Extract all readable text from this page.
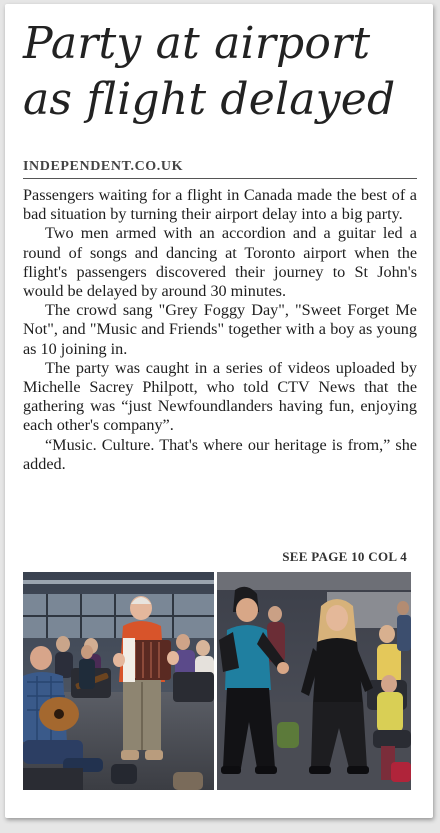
Party at airport
as flight delayed
INDEPENDENT.CO.UK

Passengers waiting for a flight in Canada made the best of a bad situation by turning their airport delay into a big party.

Two men armed with an accordion and a guitar led a round of songs and dancing at Toronto airport when the flight's passengers discovered their journey to St John's would be delayed by around 30 minutes.

The crowd sang "Grey Foggy Day", "Sweet Forget Me Not", and "Music and Friends" together with a boy as young as 10 joining in.

The party was caught in a series of videos uploaded by Michelle Sacrey Philpott, who told CTV News that the gathering was “just Newfoundlanders having fun, enjoying each other's company”.

“Music. Culture. That's where our heritage is from,” she added.

SEE PAGE 10 COL 4
